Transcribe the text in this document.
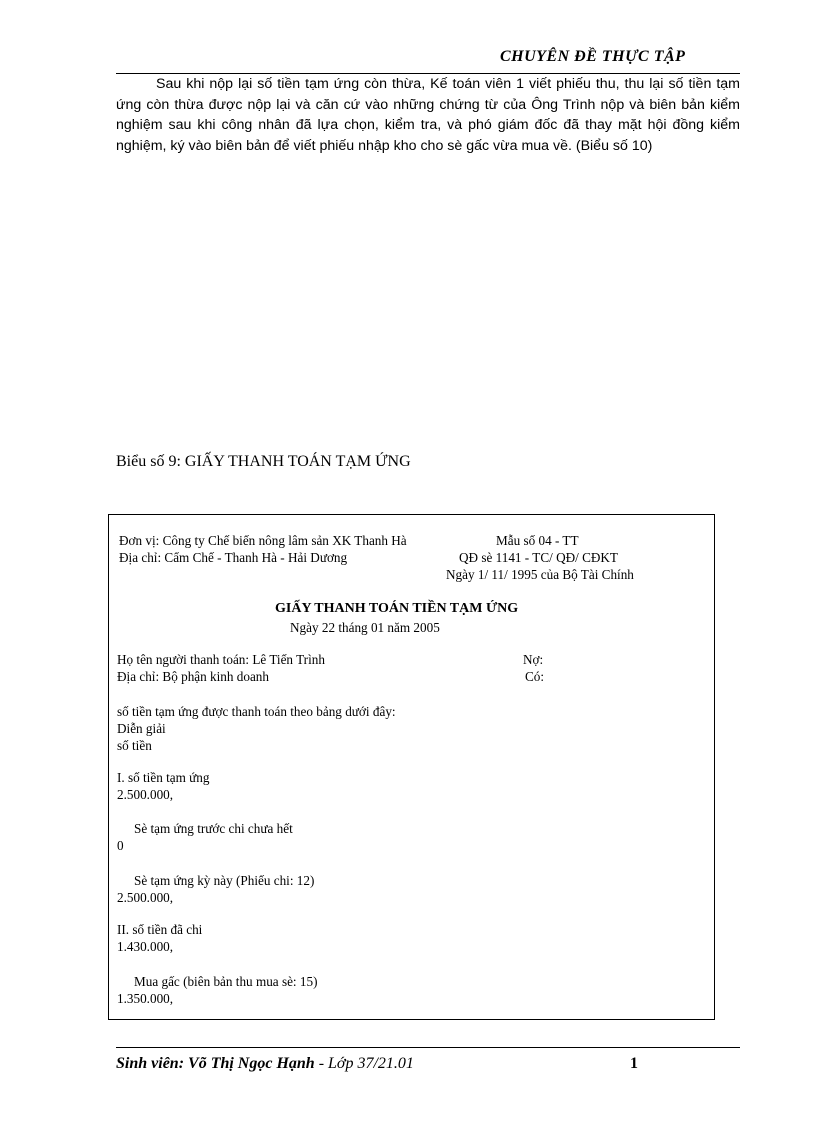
CHUYÊN ĐỀ THỰC TẬP
Sau khi nộp lại số tiền tạm ứng còn thừa, Kế toán viên 1 viết phiếu thu, thu lại số tiền tạm ứng còn thừa được nộp lại và căn cứ vào những chứng từ của Ông Trình nộp và biên bản kiểm nghiệm sau khi công nhân đã lựa chọn, kiểm tra, và phó giám đốc đã thay mặt hội đồng kiểm nghiệm, ký vào biên bản để viết phiếu nhập kho cho sè gấc vừa mua về. (Biểu số 10)
Biểu số 9: GIẤY THANH TOÁN TẠM ỨNG
Đơn vị: Công ty Chế biến nông lâm sản XK Thanh Hà
Địa chỉ: Cẩm Chế - Thanh Hà - Hải Dương
Mẫu số 04 - TT
QĐ sè 1141 - TC/ QĐ/ CĐKT
Ngày 1/ 11/ 1995 của Bộ Tài Chính
GIẤY THANH TOÁN TIỀN TẠM ỨNG
Ngày 22 tháng 01 năm 2005
Họ tên người thanh toán: Lê Tiến Trình
Địa chỉ: Bộ phận kinh doanh
Nợ:
Có:
số tiền tạm ứng được thanh toán theo bảng dưới đây:
Diễn giải
số tiền
I. số tiền tạm ứng
2.500.000,
Sè tạm ứng trước chi chưa hết
0
Sè tạm ứng kỳ này (Phiếu chi: 12)
2.500.000,
II. số tiền đã chi
1.430.000,
Mua gấc (biên bản thu mua sè: 15)
1.350.000,
Sinh viên: Võ Thị Ngọc Hạnh - Lớp 37/21.01	1
